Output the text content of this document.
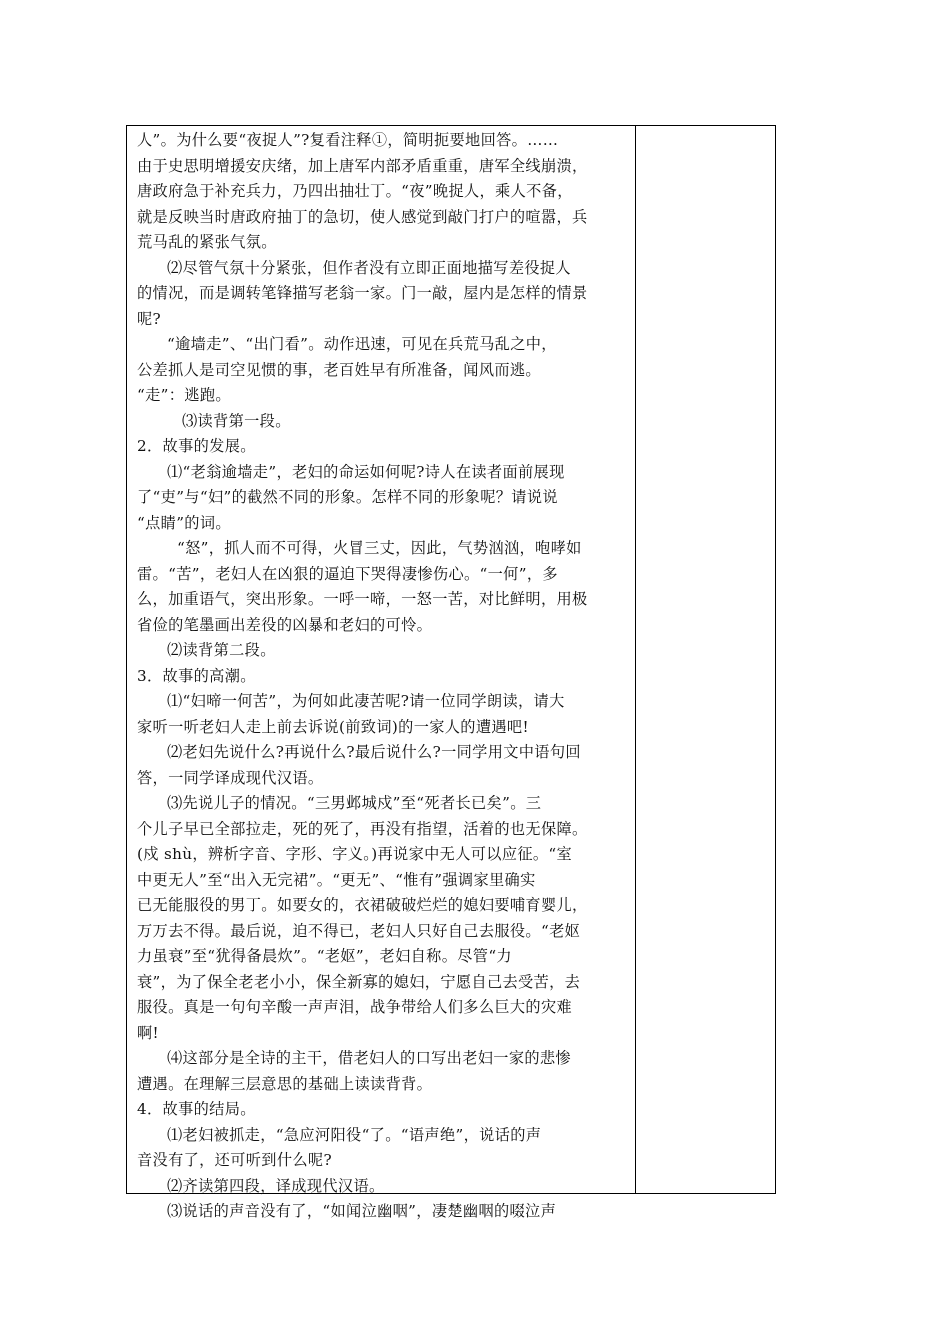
人”。为什么要“夜捉人”?复看注释①，简明扼要地回答。……

由于史思明增援安庆绪，加上唐军内部矛盾重重，唐军全线崩溃，

唐政府急于补充兵力，乃四出抽壮丁。“夜”晚捉人，乘人不备，

就是反映当时唐政府抽丁的急切，使人感觉到敲门打户的喧嚣，兵

荒马乱的紧张气氛。

⑵尽管气氛十分紧张，但作者没有立即正面地描写差役捉人

的情况，而是调转笔锋描写老翁一家。门一敲，屋内是怎样的情景

呢?

“逾墙走”、“出门看”。动作迅速，可见在兵荒马乱之中，

公差抓人是司空见惯的事，老百姓早有所准备，闻风而逃。

“走”：逃跑。

⑶读背第一段。

2．故事的发展。

⑴“老翁逾墙走”，老妇的命运如何呢?诗人在读者面前展现

了“吏”与“妇”的截然不同的形象。怎样不同的形象呢？请说说

“点睛”的词。

“怒”，抓人而不可得，火冒三丈，因此，气势汹汹，咆哮如

雷。“苦”，老妇人在凶狠的逼迫下哭得凄惨伤心。“一何”，多

么，加重语气，突出形象。一呼一啼，一怒一苦，对比鲜明，用极

省俭的笔墨画出差役的凶暴和老妇的可怜。

⑵读背第二段。

3．故事的高潮。

⑴“妇啼一何苦”，为何如此凄苦呢?请一位同学朗读，请大

家听一听老妇人走上前去诉说(前致词)的一家人的遭遇吧!

⑵老妇先说什么?再说什么?最后说什么?一同学用文中语句回

答，一同学译成现代汉语。

⑶先说儿子的情况。“三男邺城戍”至“死者长已矣”。三

个儿子早已全部拉走，死的死了，再没有指望，活着的也无保障。

(戍 shù，辨析字音、字形、字义。)再说家中无人可以应征。“室

中更无人”至“出入无完裙”。“更无”、“惟有”强调家里确实

已无能服役的男丁。如要女的，衣裙破破烂烂的媳妇要哺育婴儿，

万万去不得。最后说，迫不得已，老妇人只好自己去服役。“老妪

力虽衰”至“犹得备晨炊”。“老妪”，老妇自称。尽管“力

衰”，为了保全老老小小，保全新寡的媳妇，宁愿自己去受苦，去

服役。真是一句句辛酸一声声泪，战争带给人们多么巨大的灾难

啊!

⑷这部分是全诗的主干，借老妇人的口写出老妇一家的悲惨

遭遇。在理解三层意思的基础上读读背背。

4．故事的结局。

⑴老妇被抓走，“急应河阳役“了。“语声绝”，说话的声

音没有了，还可听到什么呢?

⑵齐读第四段，译成现代汉语。

⑶说话的声音没有了，“如闻泣幽咽”，凄楚幽咽的啜泣声
